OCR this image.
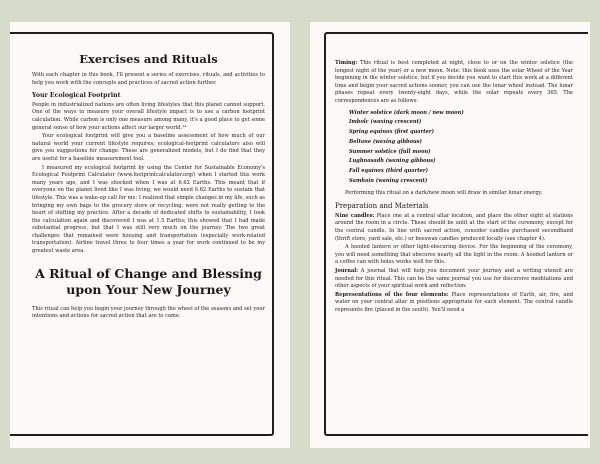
Exercises and Rituals

With each chapter in this book, I'll present a series of exercises, rituals, and activities to help you work with the concepts and practices of sacred action further.

Your Ecological Footprint

People in industrialized nations are often living lifestyles that this planet cannot support. One of the ways to measure your overall lifestyle impact is to use a carbon footprint calculation. While carbon is only one measure among many, it's a good place to get some general sense of how your actions affect our larger world.¹⁴

Your ecological footprint will give you a baseline assessment of how much of our natural world your current lifestyle requires; ecological-footprint calculators also will give you suggestions for change. These are generalized models, but I do find that they are useful for a baseline measurement tool.

I measured my ecological footprint by using the Center for Sustainable Economy's Ecological Footprint Calculator (www.footprintcalculator.org/) when I started this work many years ago, and I was shocked when I was at 6.62 Earths. This meant that if everyone on the planet lived like I was living, we would need 6.62 Earths to sustain that lifestyle. This was a wake-up call for me: I realized that simple changes in my life, such as bringing my own bags to the grocery store or recycling, were not really getting to the heart of shifting my practice. After a decade of dedicated shifts to sustainability, I took the calculation again and discovered I was at 1.5 Earths; this showed that I had made substantial progress, but that I was still very much on the journey. The two great challenges that remained were housing and transportation (especially work-related transportation). Airline travel three to four times a year for work continued to be my greatest waste area.

A Ritual of Change and Blessing
upon Your New Journey

This ritual can help you begin your journey through the wheel of the seasons and set your intentions and actions for sacred action that are to come.

Timing: This ritual is best completed at night, close to or on the winter solstice (the longest night of the year) or a new moon. Note: this book uses the solar Wheel of the Year beginning in the winter solstice, but if you decide you want to start this work at a different time and begin your sacred actions sooner, you can use the lunar wheel instead. The lunar phases repeat every twenty-eight days, while the solar repeats every 365. The correspondences are as follows:

Winter solstice (dark moon / new moon)
Imbolc (waxing crescent)
Spring equinox (first quarter)
Beltane (waxing gibbous)
Summer solstice (full moon)
Lughnasadh (waning gibbous)
Fall equinox (third quarter)
Samhain (waning crescent)

Performing this ritual on a dark/new moon will draw in similar lunar energy.

Preparation and Materials

Nine candles: Place one at a central altar location, and place the other eight at stations around the room in a circle. These should be unlit at the start of the ceremony, except for the central candle. In line with sacred action, consider candles purchased secondhand (thrift store, yard sale, etc.) or beeswax candles produced locally (see chapter 4).

A hooded lantern or other light-obscuring device. For the beginning of the ceremony, you will need something that obscures nearly all the light in the room. A hooded lantern or a coffee can with holes works well for this.

Journal: A journal that will help you document your journey and a writing utensil are needed for this ritual. This can be the same journal you use for discursive meditations and other aspects of your spiritual work and reflection.

Representations of the four elements: Place representations of Earth, air, fire, and water on your central altar in positions appropriate for each element. The central candle represents fire (placed in the south). You'll need a
